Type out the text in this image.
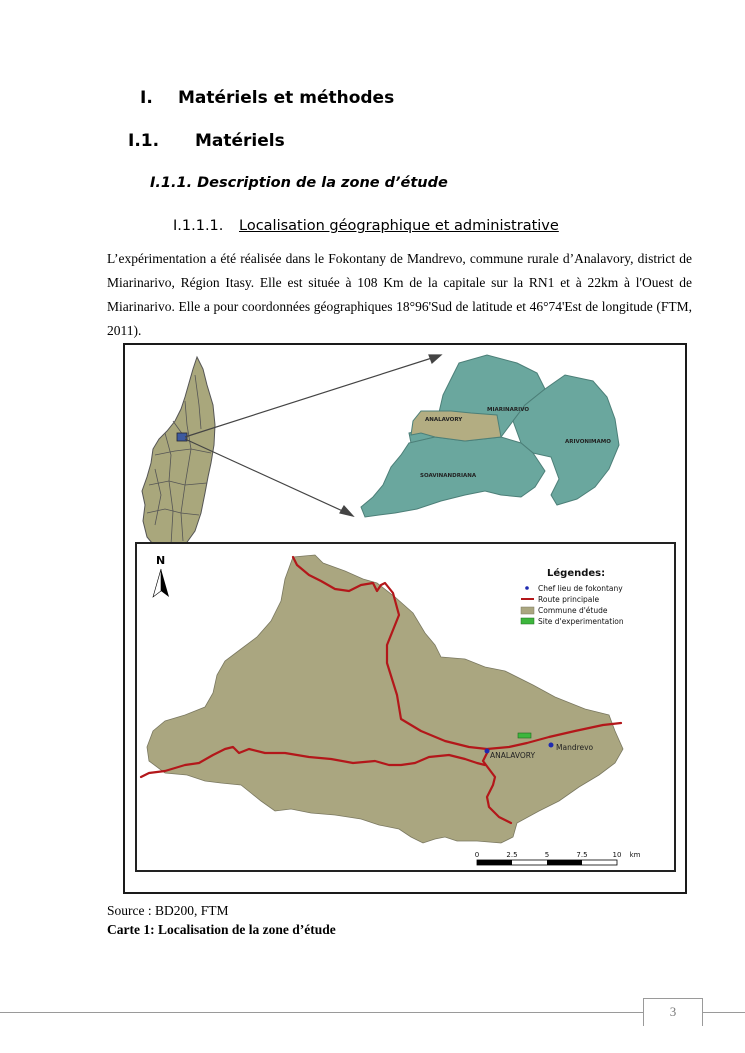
I. Matériels et méthodes
I.1. Matériels
I.1.1. Description de la zone d’étude
I.1.1.1. Localisation géographique et administrative
L’expérimentation a été réalisée dans le Fokontany de Mandrevo, commune rurale d’Analavory, district de Miarinarivo, Région Itasy. Elle est située à 108 Km de la capitale sur la RN1 et à 22km à l'Ouest de Miarinarivo. Elle a pour coordonnées géographiques 18°96'Sud de latitude et 46°74'Est de longitude (FTM, 2011).
ANALAVORY
MIARINARIVO
ARIVONIMAMO
SOAVINANDRIANA
ANALAVORY
Mandrevo
N
Légendes:
Chef lieu de fokontany
Route principale
Commune d'étude
Site d'experimentation
0	2.5	5	7.5	10 km
Source : BD200, FTM
Carte 1: Localisation de la zone d’étude
3
